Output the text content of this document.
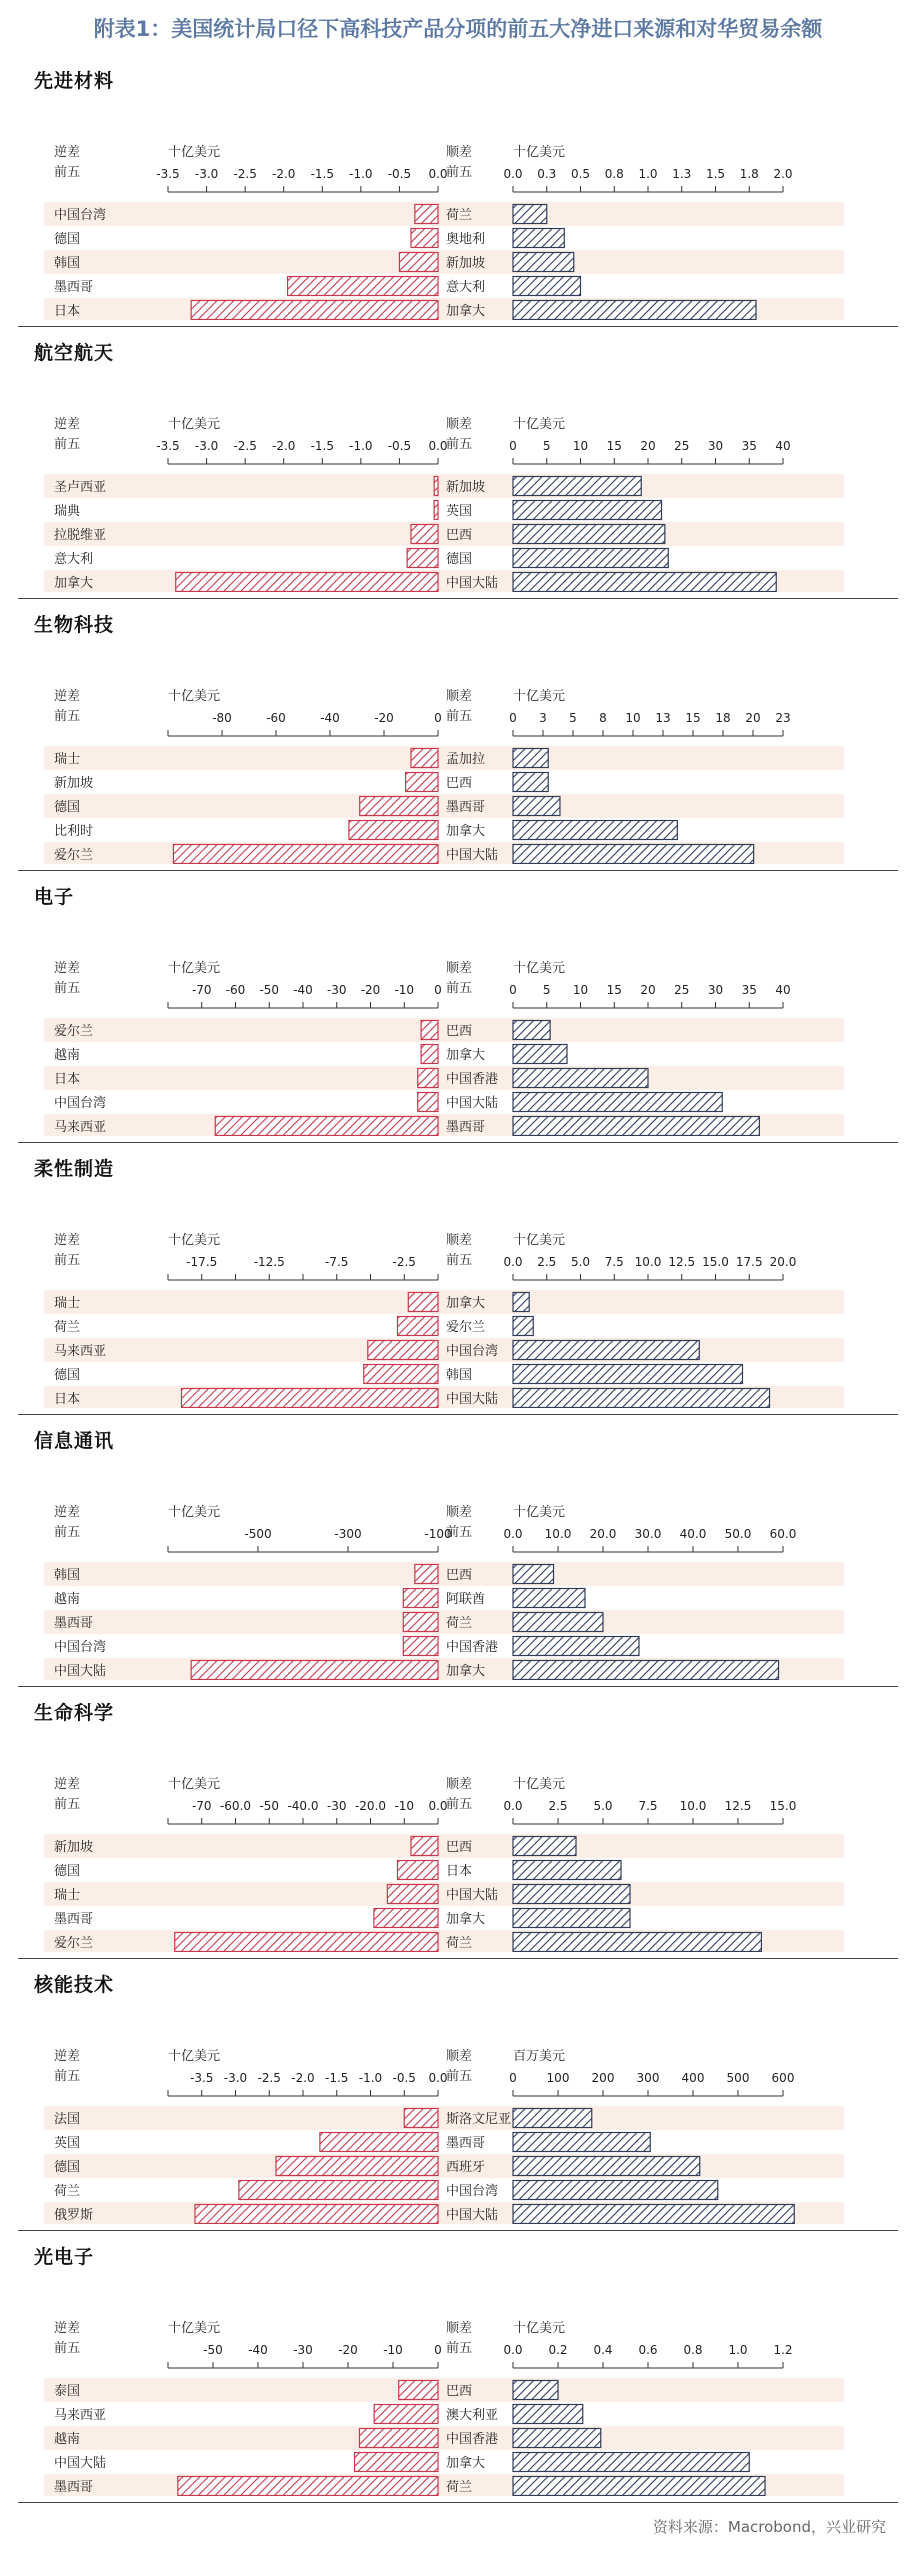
附表1：美国统计局口径下高科技产品分项的前五大净进口来源和对华贸易余额
先进材料
逆差
前五
顺差
前五
十亿美元
-3.5 -3.0 -2.5 -2.0 -1.5 -1.0 -0.5 0.0
中国台湾
德国
韩国
墨西哥
日本
十亿美元
0.0 0.3 0.5 0.8 1.0 1.3 1.5 1.8 2.0
荷兰
奥地利
新加坡
意大利
加拿大
航空航天
逆差
前五
顺差
前五
十亿美元
-3.5 -3.0 -2.5 -2.0 -1.5 -1.0 -0.5 0.0
圣卢西亚
瑞典
拉脱维亚
意大利
加拿大
十亿美元
0 5 10 15 20 25 30 35 40
新加坡
英国
巴西
德国
中国大陆
生物科技
逆差
前五
顺差
前五
十亿美元
-80	-60	-40	-20	0
瑞士
新加坡
德国
比利时
爱尔兰
十亿美元
0 3 5 8 10 13 15 18 20 23
孟加拉
巴西
墨西哥
加拿大
中国大陆
电子
逆差
前五
顺差
前五
十亿美元
-70 -60 -50 -40 -30 -20 -10 0
爱尔兰
越南
日本
中国台湾
马来西亚
十亿美元
0 5 10 15 20 25 30 35 40
巴西
加拿大
中国香港
中国大陆
墨西哥
柔性制造
逆差
前五
顺差
前五
十亿美元
-17.5	-12.5	-7.5	-2.5
瑞士
荷兰
马来西亚
德国
日本
十亿美元
0.0 2.5 5.0 7.5 10.0 12.5 15.0 17.5 20.0
加拿大
爱尔兰
中国台湾
韩国
中国大陆
信息通讯
逆差
前五
顺差
前五
十亿美元
-500	-300	-100
韩国
越南
墨西哥
中国台湾
中国大陆
十亿美元
0.0 10.0 20.0 30.0 40.0 50.0 60.0
巴西
阿联酋
荷兰
中国香港
加拿大
生命科学
逆差
前五
顺差
前五
十亿美元
-70 -60.0 -50 -40.0 -30 -20.0 -10 0.0
新加坡
德国
瑞士
墨西哥
爱尔兰
十亿美元
0.0 2.5 5.0 7.5 10.0 12.5 15.0
巴西
日本
中国大陆
加拿大
荷兰
核能技术
逆差
前五
顺差
前五
十亿美元
-3.5 -3.0 -2.5 -2.0 -1.5 -1.0 -0.5 0.0
法国
英国
德国
荷兰
俄罗斯
百万美元
0 100 200 300 400 500 600
斯洛文尼亚
墨西哥
西班牙
中国台湾
中国大陆
光电子
逆差
前五
顺差
前五
十亿美元
-50 -40 -30 -20 -10	0
泰国
马来西亚
越南
中国大陆
墨西哥
十亿美元
0.0 0.2 0.4 0.6 0.8 1.0 1.2
巴西
澳大利亚
中国香港
加拿大
荷兰
资料来源：Macrobond，兴业研究
